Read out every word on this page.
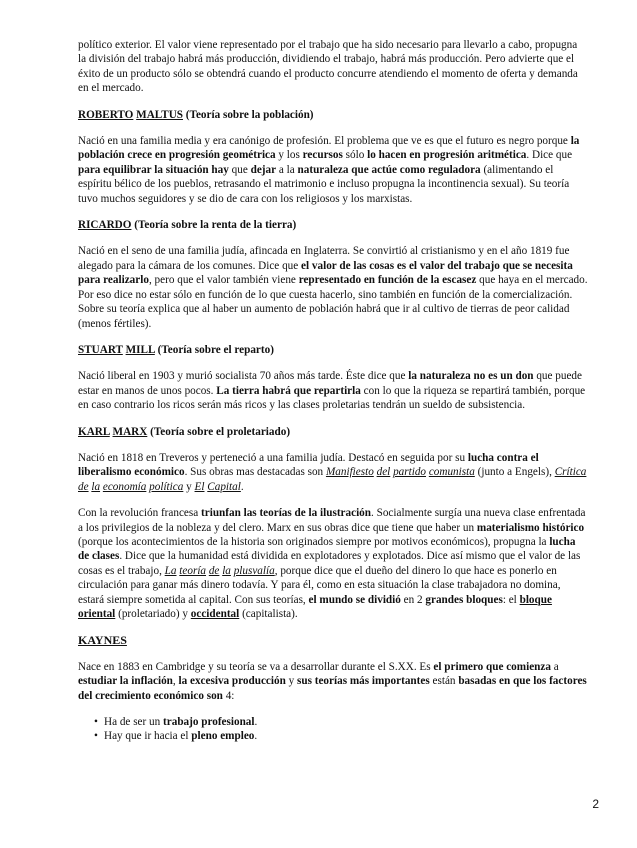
político exterior. El valor viene representado por el trabajo que ha sido necesario para llevarlo a cabo, propugna la división del trabajo habrá más producción, dividiendo el trabajo, habrá más producción. Pero advierte que el éxito de un producto sólo se obtendrá cuando el producto concurre atendiendo el momento de oferta y demanda en el mercado.

ROBERTO MALTUS (Teoría sobre la población)

Nació en una familia media y era canónigo de profesión. El problema que ve es que el futuro es negro porque la población crece en progresión geométrica y los recursos sólo lo hacen en progresión aritmética. Dice que para equilibrar la situación hay que dejar a la naturaleza que actúe como reguladora (alimentando el espíritu bélico de los pueblos, retrasando el matrimonio e incluso propugna la incontinencia sexual). Su teoría tuvo muchos seguidores y se dio de cara con los religiosos y los marxistas.

RICARDO (Teoría sobre la renta de la tierra)

Nació en el seno de una familia judía, afincada en Inglaterra. Se convirtió al cristianismo y en el año 1819 fue alegado para la cámara de los comunes. Dice que el valor de las cosas es el valor del trabajo que se necesita para realizarlo, pero que el valor también viene representado en función de la escasez que haya en el mercado. Por eso dice no estar sólo en función de lo que cuesta hacerlo, sino también en función de la comercialización. Sobre su teoría explica que al haber un aumento de población habrá que ir al cultivo de tierras de peor calidad (menos fértiles).

STUART MILL (Teoría sobre el reparto)

Nació liberal en 1903 y murió socialista 70 años más tarde. Éste dice que la naturaleza no es un don que puede estar en manos de unos pocos. La tierra habrá que repartirla con lo que la riqueza se repartirá también, porque en caso contrario los ricos serán más ricos y las clases proletarias tendrán un sueldo de subsistencia.

KARL MARX (Teoría sobre el proletariado)

Nació en 1818 en Treveros y perteneció a una familia judía. Destacó en seguida por su lucha contra el liberalismo económico. Sus obras mas destacadas son Manifiesto del partido comunista (junto a Engels), Crítica de la economía política y El Capital.

Con la revolución francesa triunfan las teorías de la ilustración. Socialmente surgía una nueva clase enfrentada a los privilegios de la nobleza y del clero. Marx en sus obras dice que tiene que haber un materialismo histórico (porque los acontecimientos de la historia son originados siempre por motivos económicos), propugna la lucha de clases. Dice que la humanidad está dividida en explotadores y explotados. Dice así mismo que el valor de las cosas es el trabajo, La teoría de la plusvalía, porque dice que el dueño del dinero lo que hace es ponerlo en circulación para ganar más dinero todavía. Y para él, como en esta situación la clase trabajadora no domina, estará siempre sometida al capital. Con sus teorías, el mundo se dividió en 2 grandes bloques: el bloque oriental (proletariado) y occidental (capitalista).

KAYNES

Nace en 1883 en Cambridge y su teoría se va a desarrollar durante el S.XX. Es el primero que comienza a estudiar la inflación, la excesiva producción y sus teorías más importantes están basadas en que los factores del crecimiento económico son 4:

• Ha de ser un trabajo profesional.
• Hay que ir hacia el pleno empleo.
2
